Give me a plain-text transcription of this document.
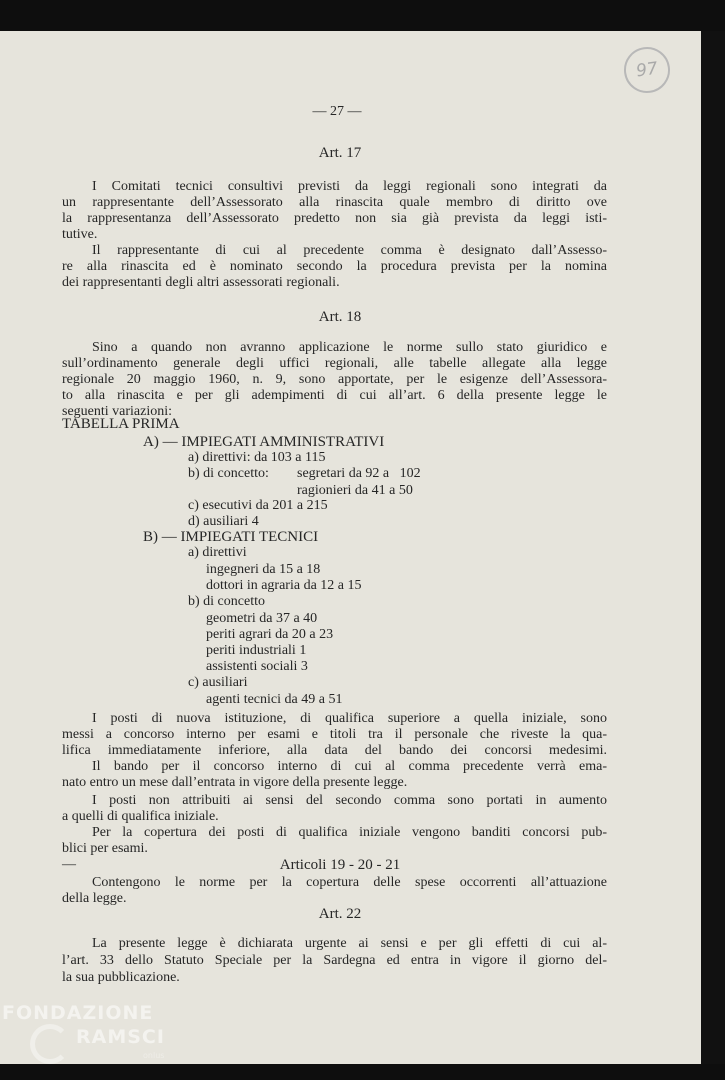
97
— 27 —
Art. 17
I Comitati tecnici consultivi previsti da leggi regionali sono integrati da
un rappresentante dell’Assessorato alla rinascita quale membro di diritto ove
la rappresentanza dell’Assessorato predetto non sia già prevista da leggi isti-
tutive.
Il rappresentante di cui al precedente comma è designato dall’Assesso-
re alla rinascita ed è nominato secondo la procedura prevista per la nomina
dei rappresentanti degli altri assessorati regionali.
Art. 18
Sino a quando non avranno applicazione le norme sullo stato giuridico e
sull’ordinamento generale degli uffici regionali, alle tabelle allegate alla legge
regionale 20 maggio 1960, n. 9, sono apportate, per le esigenze dell’Assessora-
to alla rinascita e per gli adempimenti di cui all’art. 6 della presente legge le
seguenti variazioni:
TABELLA PRIMA
A) — IMPIEGATI AMMINISTRATIVI
a) direttivi: da 103 a 115
b) di concetto: segretari da 92 a   102
ragionieri da 41 a 50
c) esecutivi da 201 a 215
d) ausiliari 4
B) — IMPIEGATI TECNICI
a) direttivi
ingegneri da 15 a 18
dottori in agraria da 12 a 15
b) di concetto
geometri da 37 a 40
periti agrari da 20 a 23
periti industriali 1
assistenti sociali 3
c) ausiliari
agenti tecnici da 49 a 51
I posti di nuova istituzione, di qualifica superiore a quella iniziale, sono
messi a concorso interno per esami e titoli tra il personale che riveste la qua-
lifica immediatamente inferiore, alla data del bando dei concorsi medesimi.
Il bando per il concorso interno di cui al comma precedente verrà ema-
nato entro un mese dall’entrata in vigore della presente legge.
I posti non attribuiti ai sensi del secondo comma sono portati in aumento
a quelli di qualifica iniziale.
Per la copertura dei posti di qualifica iniziale vengono banditi concorsi pub-
blici per esami.
—	Articoli 19 - 20 - 21
Contengono le norme per la copertura delle spese occorrenti all’attuazione
della legge.
Art. 22
La presente legge è dichiarata urgente ai sensi e per gli effetti di cui al-
l’art. 33 dello Statuto Speciale per la Sardegna ed entra in vigore il giorno del-
la sua pubblicazione.
FONDAZIONE
RAMSCI
onlus
